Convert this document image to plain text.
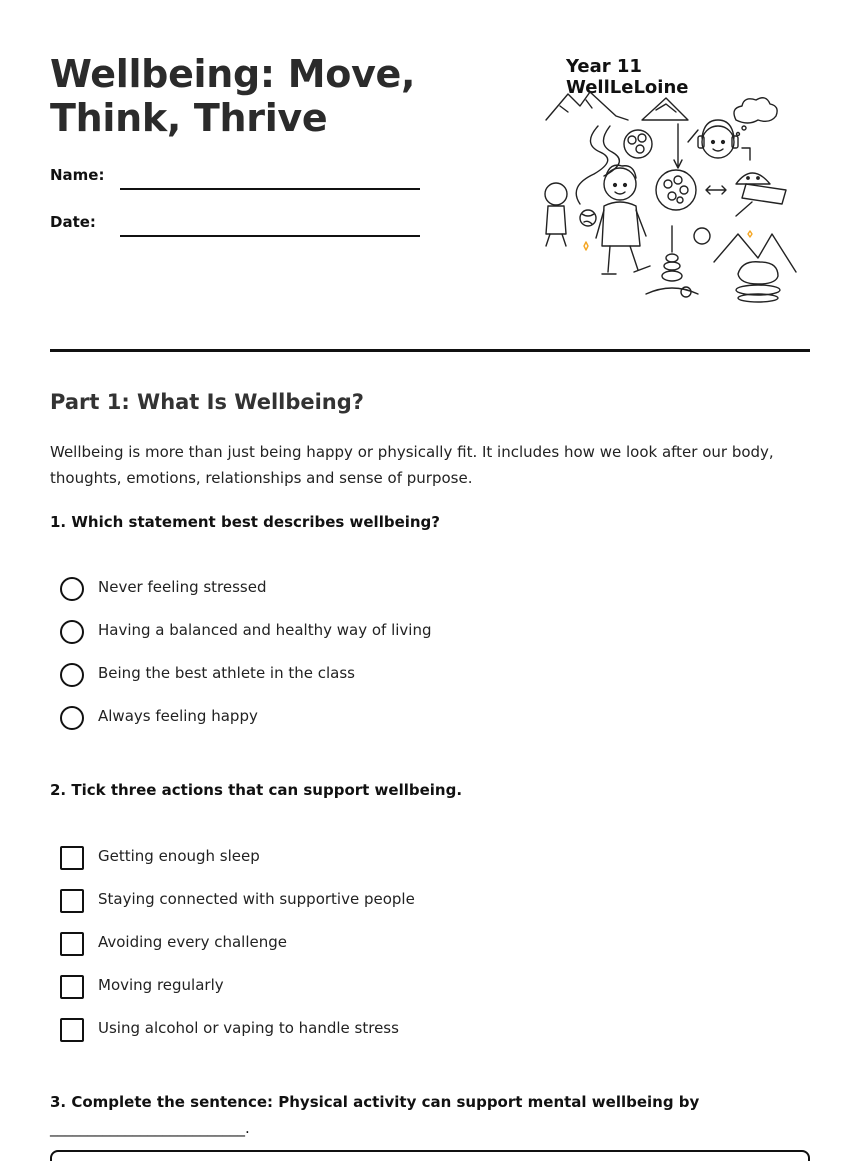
Wellbeing: Move, Think, Thrive
Name:
Date:
Year 11 WellLeLoine
Part 1: What Is Wellbeing?

Wellbeing is more than just being happy or physically fit. It includes how we look after our body, thoughts, emotions, relationships and sense of purpose.

1. Which statement best describes wellbeing?
Never feeling stressed
Having a balanced and healthy way of living
Being the best athlete in the class
Always feeling happy
2. Tick three actions that can support wellbeing.
Getting enough sleep
Staying connected with supportive people
Avoiding every challenge
Moving regularly
Using alcohol or vaping to handle stress
3. Complete the sentence: Physical activity can support mental wellbeing by
__________________________.
